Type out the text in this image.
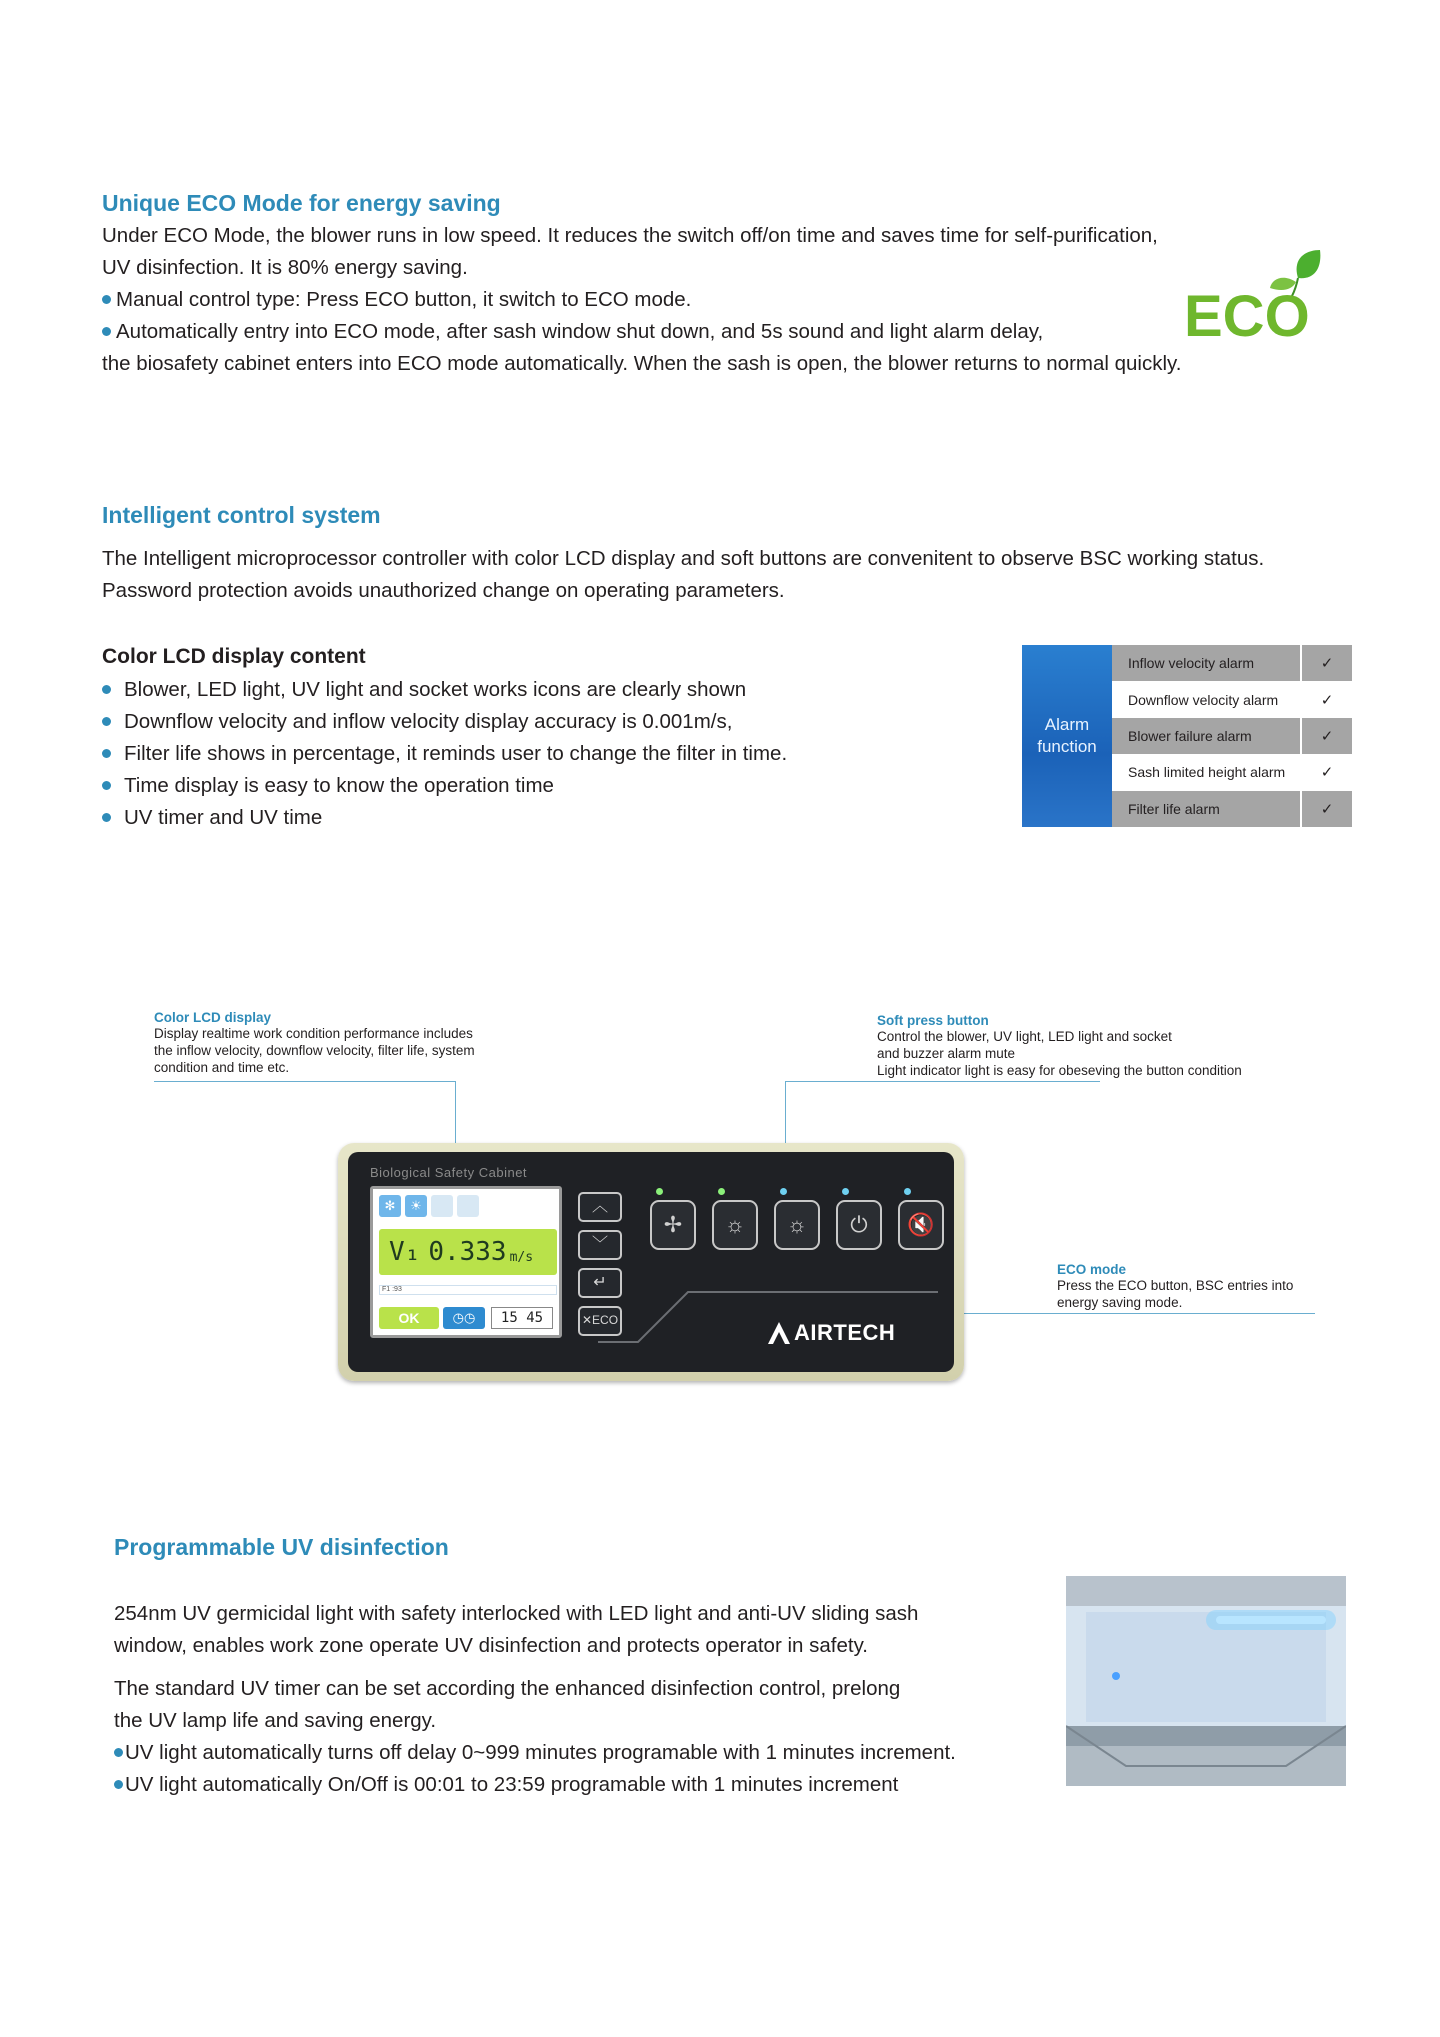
Unique ECO Mode for energy saving
Under ECO Mode, the blower runs in low speed. It reduces the switch off/on time and saves time for self-purification,
UV disinfection. It is 80% energy saving.
Manual control type: Press ECO button, it switch to ECO mode.
Automatically entry into ECO mode, after sash window shut down, and 5s sound and light alarm delay,
the biosafety cabinet enters into ECO mode automatically. When the sash is open, the blower returns to normal quickly.
ECO
Intelligent control system
The Intelligent microprocessor controller with color LCD display and soft buttons are convenitent to observe BSC working status.
Password protection avoids unauthorized change on operating parameters.
Color LCD display content
Blower, LED light, UV light and socket works icons are clearly shown
Downflow velocity and inflow velocity display accuracy is 0.001m/s,
Filter life shows in percentage, it reminds user to change the filter in time.
Time display is easy to know the operation time
UV timer and UV time
Alarm
function
Inflow velocity alarm	✓
Downflow velocity alarm	✓
Blower failure alarm	✓
Sash limited height alarm	✓
Filter life alarm	✓
Color LCD display
Display realtime work condition performance includes
the inflow velocity, downflow velocity, filter life, system
condition and time etc.
Soft press button
Control the blower, UV light, LED light and socket
and buzzer alarm mute
Light indicator light is easy for obeseving the button condition
ECO mode
Press the ECO button, BSC entries into
energy saving mode.
Biological Safety Cabinet
✻	☀
V₁ 0.333 m/s
F1 :93
OK	◷◷	15 45
︿
﹀
↵
✕ECO
✢	☼	☼	⏻	🔇
AIRTECH
Programmable UV disinfection

254nm UV germicidal light with safety interlocked with LED light and anti-UV sliding sash
window, enables work zone operate UV disinfection and protects operator in safety.

The standard UV timer can be set according the enhanced disinfection control, prelong
the UV lamp life and saving energy.
UV light automatically turns off delay 0~999 minutes programable with 1 minutes increment.
UV light automatically On/Off is 00:01 to 23:59 programable with 1 minutes increment
